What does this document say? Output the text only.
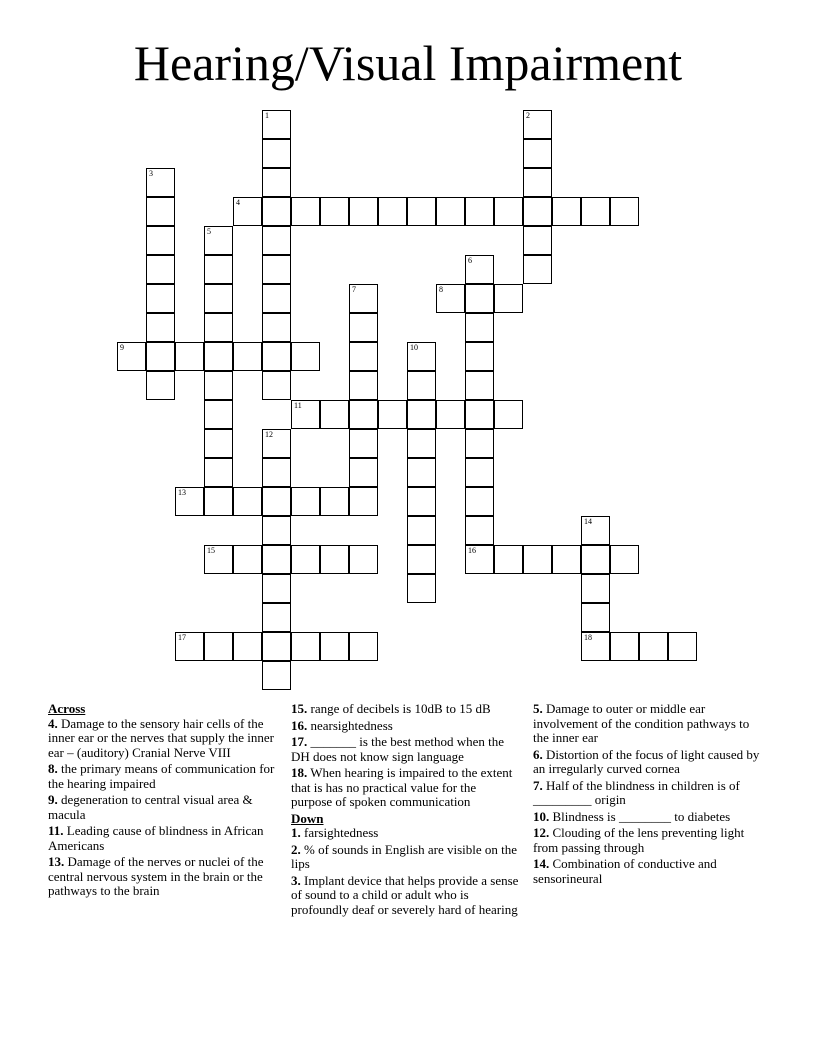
Hearing/Visual Impairment
1	2
3
4
5
6
7	8
9	10
11
12
13
14
18
15	16
17
Across
4. Damage to the sensory hair cells of the inner ear or the nerves that supply the inner ear – (auditory) Cranial Nerve VIII
8. the primary means of communication for the hearing impaired
9. degeneration to central visual area & macula
11. Leading cause of blindness in African Americans
13. Damage of the nerves or nuclei of the central nervous system in the brain or the pathways to the brain
15. range of decibels is 10dB to 15 dB
16. nearsightedness
17. _______ is the best method when the DH does not know sign language
18. When hearing is impaired to the extent that is has no practical value for the purpose of spoken communication
Down
1. farsightedness
2. % of sounds in English are visible on the lips
3. Implant device that helps provide a sense of sound to a child or adult who is profoundly deaf or severely hard of hearing
5. Damage to outer or middle ear involvement of the condition pathways to the inner ear
6. Distortion of the focus of light caused by an irregularly curved cornea
7. Half of the blindness in children is of _________ origin
10. Blindness is ________ to diabetes
12. Clouding of the lens preventing light from passing through
14. Combination of conductive and sensorineural
